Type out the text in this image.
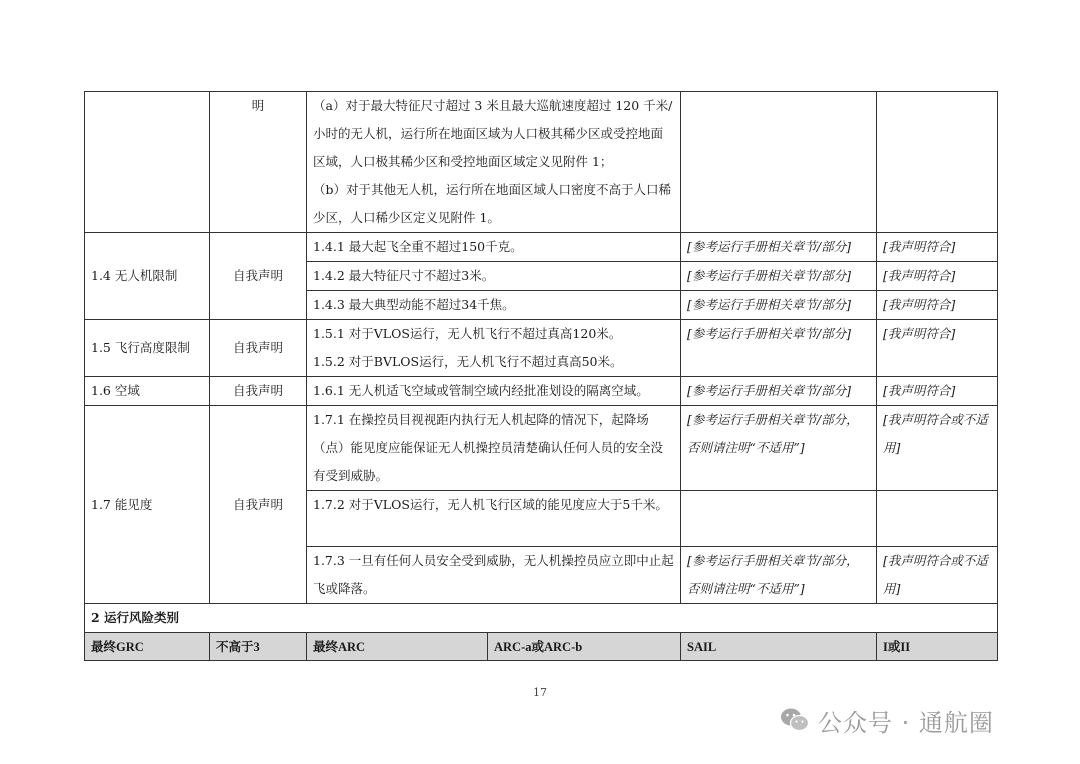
	明	（a）对于最大特征尺寸超过 3 米且最大巡航速度超过 120 千米/小时的无人机，运行所在地面区域为人口极其稀少区或受控地面区域，人口极其稀少区和受控地面区域定义见附件 1；
（b）对于其他无人机，运行所在地面区域人口密度不高于人口稀少区，人口稀少区定义见附件 1。			

1.4 无人机限制	自我声明	1.4.1 最大起飞全重不超过150千克。		[参考运行手册相关章节/部分]	[我声明符合]
		1.4.2 最大特征尺寸不超过3米。		[参考运行手册相关章节/部分]	[我声明符合]
		1.4.3 最大典型动能不超过34千焦。		[参考运行手册相关章节/部分]	[我声明符合]
1.5 飞行高度限制	自我声明	1.5.1 对于VLOS运行，无人机飞行不超过真高120米。
1.5.2 对于BVLOS运行，无人机飞行不超过真高50米。		[参考运行手册相关章节/部分]	[我声明符合]
1.6 空域	自我声明	1.6.1 无人机适飞空域或管制空域内经批准划设的隔离空域。		[参考运行手册相关章节/部分]	[我声明符合]
1.7 能见度	自我声明	1.7.1 在操控员目视视距内执行无人机起降的情况下，起降场（点）能见度应能保证无人机操控员清楚确认任何人员的安全没有受到威胁。		[参考运行手册相关章节/部分，否则请注明“不适用”]	[我声明符合或不适用]
		1.7.2 对于VLOS运行，无人机飞行区域的能见度应大于5千米。			
		1.7.3 一旦有任何人员安全受到威胁，无人机操控员应立即中止起飞或降落。		[参考运行手册相关章节/部分，否则请注明“不适用”]	[我声明符合或不适用]
2 运行风险类别					
最终GRC	不高于3	最终ARC	ARC-a或ARC-b	SAIL	I或II
17
公众号 · 通航圈
